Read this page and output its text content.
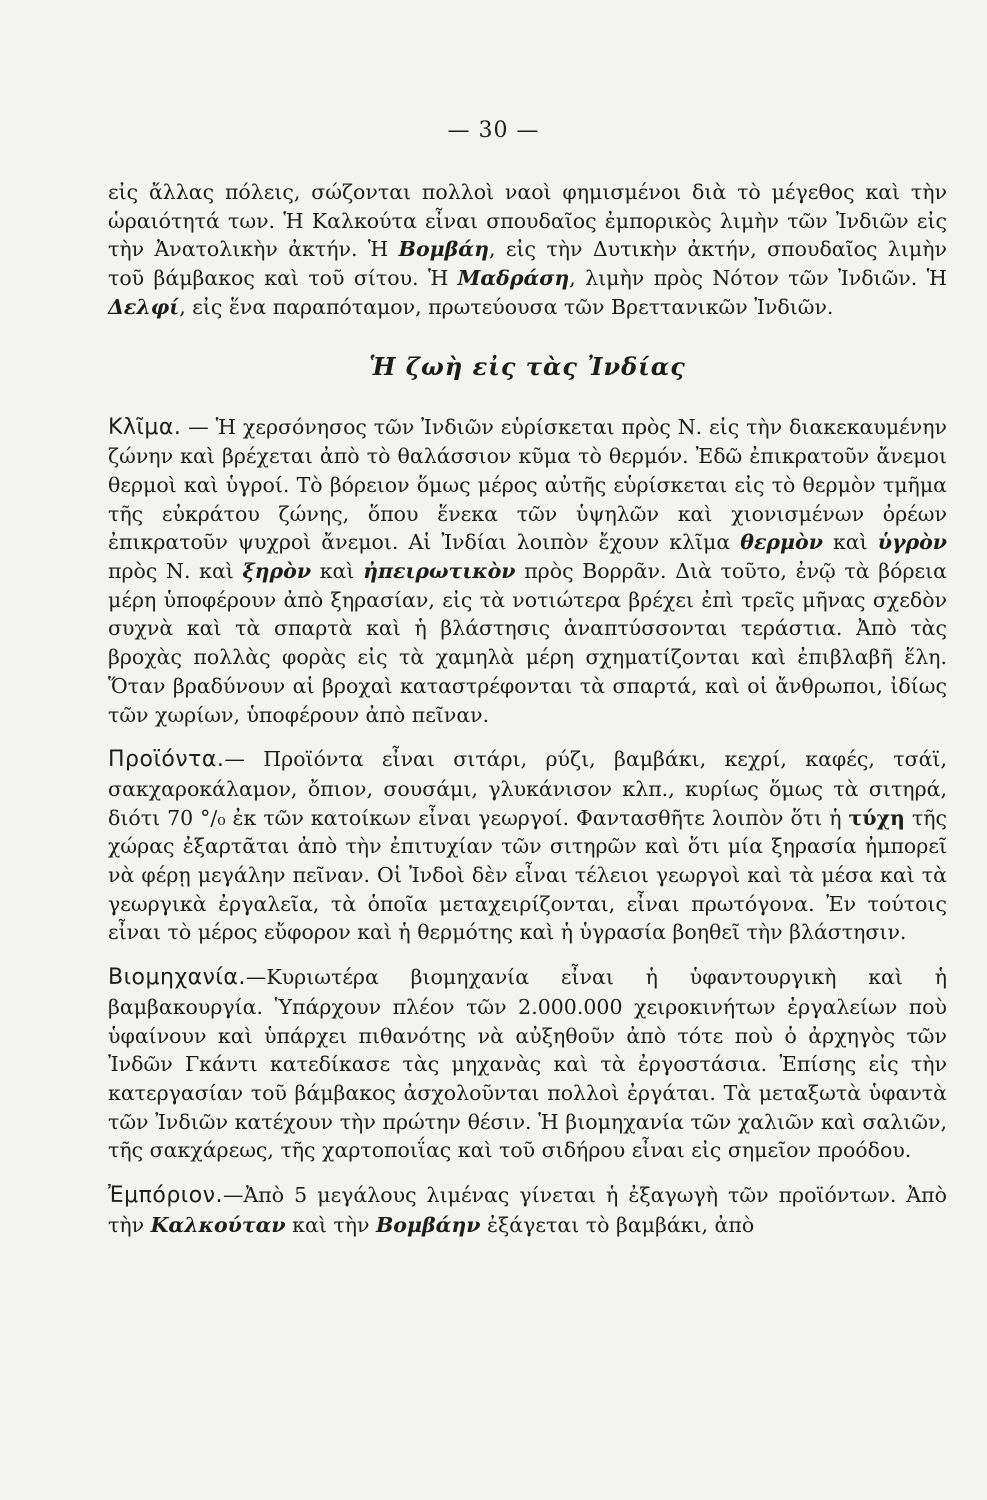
— 30 —

εἰς ἄλλας πόλεις, σώζονται πολλοὶ ναοὶ φημισμένοι διὰ τὸ μέγεθος καὶ τὴν ὡραιότητά των. Ἡ Καλκούτα εἶναι σπουδαῖος ἐμπορικὸς λιμὴν τῶν Ἰνδιῶν εἰς τὴν Ἀνατολικὴν ἀκτήν. Ἡ Βομβάη, εἰς τὴν Δυτικὴν ἀκτήν, σπουδαῖος λιμὴν τοῦ βάμβακος καὶ τοῦ σίτου. Ἡ Μαδράση, λιμὴν πρὸς Νότον τῶν Ἰνδιῶν. Ἡ Δελφί, εἰς ἕνα παραπόταμον, πρωτεύουσα τῶν Βρεττανικῶν Ἰνδιῶν.

Ἡ ζωὴ εἰς τὰς Ἰνδίας

Κλῖμα. — Ἡ χερσόνησος τῶν Ἰνδιῶν εὑρίσκεται πρὸς Ν. εἰς τὴν διακεκαυμένην ζώνην καὶ βρέχεται ἀπὸ τὸ θαλάσσιον κῦμα τὸ θερμόν. Ἐδῶ ἐπικρατοῦν ἄνεμοι θερμοὶ καὶ ὑγροί. Τὸ βόρειον ὅμως μέρος αὐτῆς εὑρίσκεται εἰς τὸ θερμὸν τμῆμα τῆς εὐκράτου ζώνης, ὅπου ἕνεκα τῶν ὑψηλῶν καὶ χιονισμένων ὀρέων ἐπικρατοῦν ψυχροὶ ἄνεμοι. Αἱ Ἰνδίαι λοιπὸν ἔχουν κλῖμα θερμὸν καὶ ὑγρὸν πρὸς Ν. καὶ ξηρὸν καὶ ἠπειρωτικὸν πρὸς Βορρᾶν. Διὰ τοῦτο, ἐνῷ τὰ βόρεια μέρη ὑποφέρουν ἀπὸ ξηρασίαν, εἰς τὰ νοτιώτερα βρέχει ἐπὶ τρεῖς μῆνας σχεδὸν συχνὰ καὶ τὰ σπαρτὰ καὶ ἡ βλάστησις ἀναπτύσσονται τεράστια. Ἀπὸ τὰς βροχὰς πολλὰς φορὰς εἰς τὰ χαμηλὰ μέρη σχηματίζονται καὶ ἐπιβλαβῆ ἕλη. Ὅταν βραδύνουν αἱ βροχαὶ καταστρέφονται τὰ σπαρτά, καὶ οἱ ἄνθρωποι, ἰδίως τῶν χωρίων, ὑποφέρουν ἀπὸ πεῖναν.

Προϊόντα.— Προϊόντα εἶναι σιτάρι, ρύζι, βαμβάκι, κεχρί, καφές, τσάϊ, σακχαροκάλαμον, ὄπιον, σουσάμι, γλυκάνισον κλπ., κυρίως ὅμως τὰ σιτηρά, διότι 70 °/₀ ἐκ τῶν κατοίκων εἶναι γεωργοί. Φαντασθῆτε λοιπὸν ὅτι ἡ τύχη τῆς χώρας ἐξαρτᾶται ἀπὸ τὴν ἐπιτυχίαν τῶν σιτηρῶν καὶ ὅτι μία ξηρασία ἠμπορεῖ νὰ φέρῃ μεγάλην πεῖναν. Οἱ Ἰνδοὶ δὲν εἶναι τέλειοι γεωργοὶ καὶ τὰ μέσα καὶ τὰ γεωργικὰ ἐργαλεῖα, τὰ ὁποῖα μεταχειρίζονται, εἶναι πρωτόγονα. Ἐν τούτοις εἶναι τὸ μέρος εὔφορον καὶ ἡ θερμότης καὶ ἡ ὑγρασία βοηθεῖ τὴν βλάστησιν.

Βιομηχανία.—Κυριωτέρα βιομηχανία εἶναι ἡ ὑφαντουργικὴ καὶ ἡ βαμβακουργία. Ὑπάρχουν πλέον τῶν 2.000.000 χειροκινήτων ἐργαλείων ποὺ ὑφαίνουν καὶ ὑπάρχει πιθανότης νὰ αὐξηθοῦν ἀπὸ τότε ποὺ ὁ ἀρχηγὸς τῶν Ἰνδῶν Γκάντι κατεδίκασε τὰς μηχανὰς καὶ τὰ ἐργοστάσια. Ἐπίσης εἰς τὴν κατεργασίαν τοῦ βάμβακος ἀσχολοῦνται πολλοὶ ἐργάται. Τὰ μεταξωτὰ ὑφαντὰ τῶν Ἰνδιῶν κατέχουν τὴν πρώτην θέσιν. Ἡ βιομηχανία τῶν χαλιῶν καὶ σαλιῶν, τῆς σακχάρεως, τῆς χαρτοποιΐας καὶ τοῦ σιδήρου εἶναι εἰς σημεῖον προόδου.

Ἐμπόριον.—Ἀπὸ 5 μεγάλους λιμένας γίνεται ἡ ἐξαγωγὴ τῶν προϊόντων. Ἀπὸ τὴν Καλκούταν καὶ τὴν Βομβάην ἐξάγεται τὸ βαμβάκι, ἀπὸ
